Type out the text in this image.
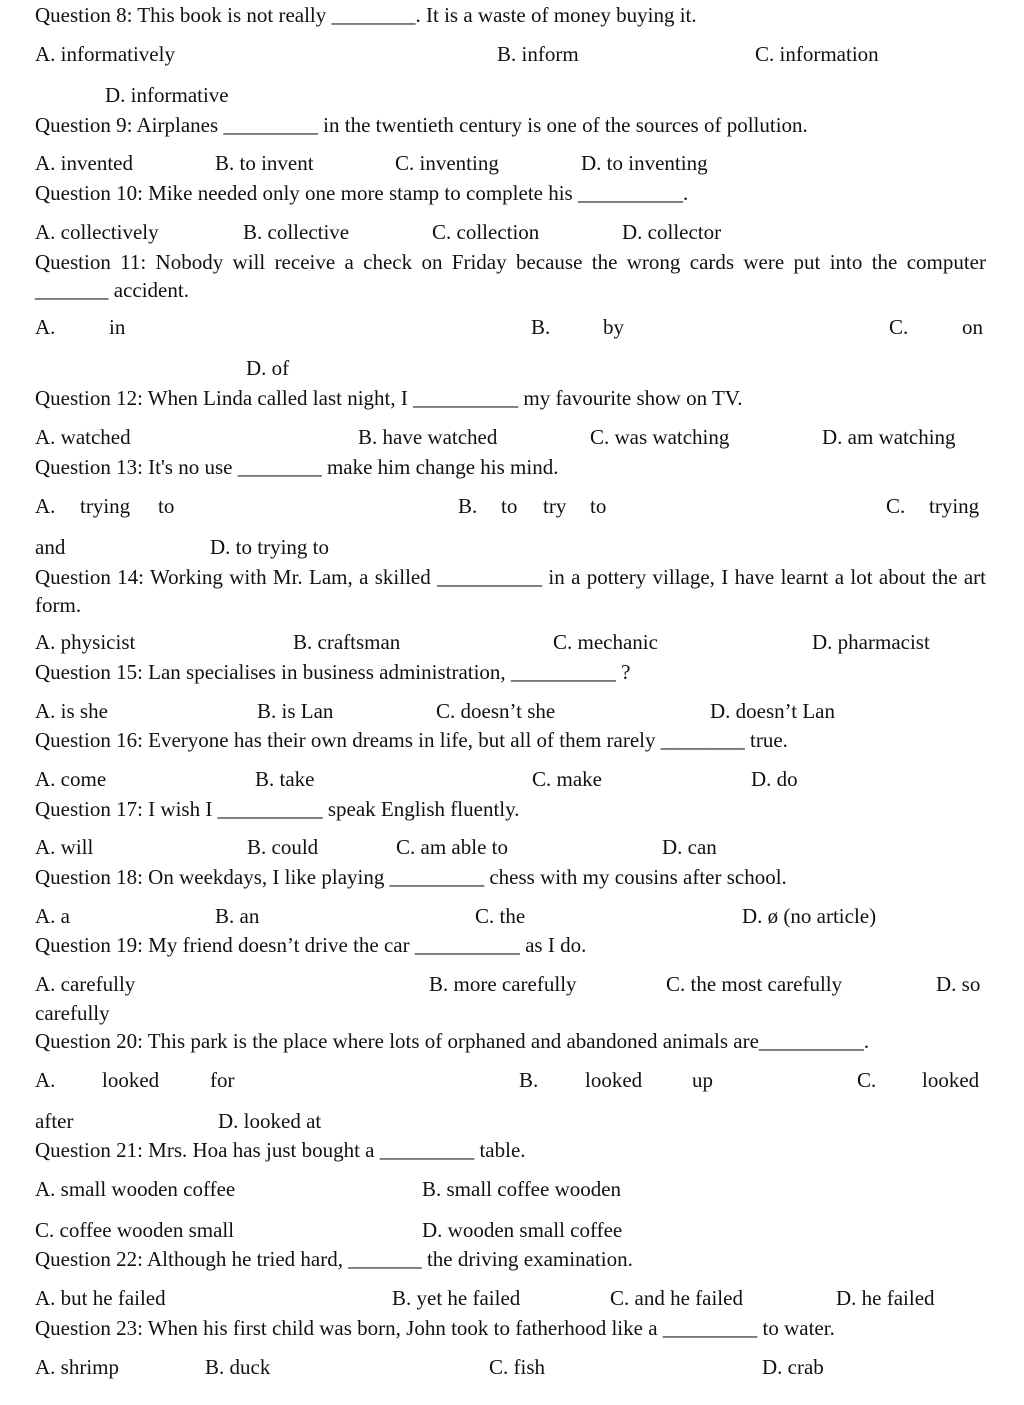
Question 8: This book is not really ________. It is a waste of money buying it.
A. informatively	B. inform	C. information
D. informative
Question 9: Airplanes _________ in the twentieth century is one of the sources of pollution.
A. invented	B. to invent	C. inventing	D. to inventing
Question 10: Mike needed only one more stamp to complete his __________.
A. collectively	B. collective	C. collection	D. collector
Question 11: Nobody will receive a check on Friday because the wrong cards were put into the computer _______ accident.
A.	in	B.	by	C.	on
D. of
Question 12: When Linda called last night, I __________ my favourite show on TV.
A. watched	B. have watched	C. was watching	D. am watching
Question 13: It's no use ________ make him change his mind.
A. trying to	B. to try to	C. trying
and	D. to trying to
Question 14: Working with Mr. Lam, a skilled __________ in a pottery village, I have learnt a lot about the art form.
A. physicist	B. craftsman	C. mechanic	D. pharmacist
Question 15: Lan specialises in business administration, __________ ?
A. is she	B. is Lan	C. doesn’t she	D. doesn’t Lan
Question 16: Everyone has their own dreams in life, but all of them rarely ________ true.
A. come	B. take	C. make	D. do
Question 17: I wish I __________ speak English fluently.
A. will	B. could	C. am able to	D. can
Question 18: On weekdays, I like playing _________ chess with my cousins after school.
A. a	B. an	C. the	D. ø (no article)
Question 19: My friend doesn’t drive the car __________ as I do.
A. carefully	B. more carefully	C. the most carefully	D. so
carefully
Question 20: This park is the place where lots of orphaned and abandoned animals are__________.
A. looked for	B. looked up	C. looked
after	D. looked at
Question 21: Mrs. Hoa has just bought a _________ table.
A. small wooden coffee	B. small coffee wooden
C. coffee wooden small	D. wooden small coffee
Question 22: Although he tried hard, _______ the driving examination.
A. but he failed	B. yet he failed	C. and he failed	D. he failed
Question 23: When his first child was born, John took to fatherhood like a _________ to water.
A. shrimp	B. duck	C. fish	D. crab
